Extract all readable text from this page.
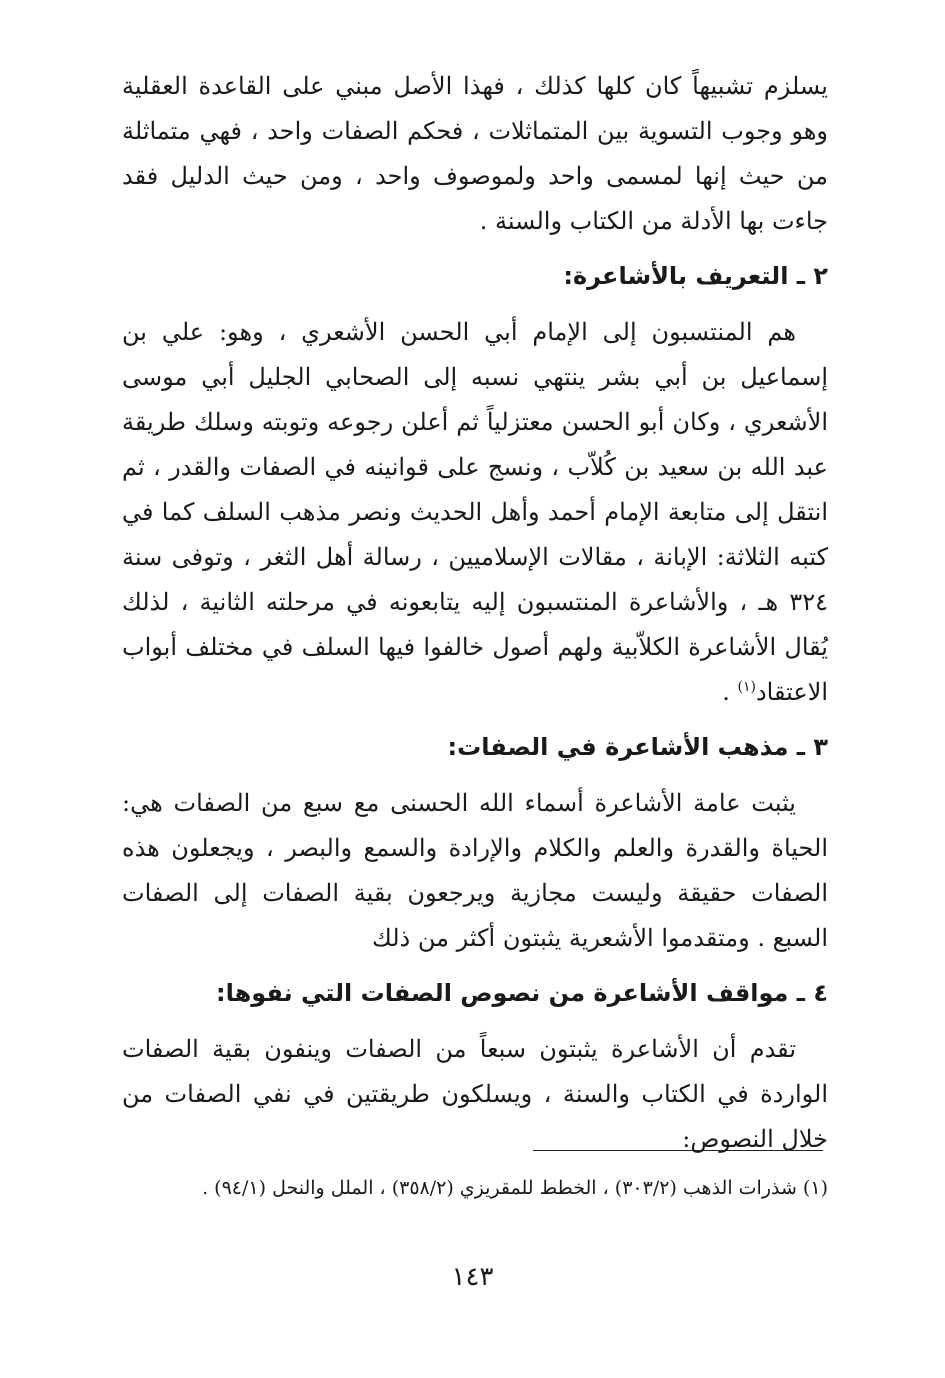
يسلزم تشبيهاً كان كلها كذلك ، فهذا الأصل مبني على القاعدة العقلية وهو وجوب التسوية بين المتماثلات ، فحكم الصفات واحد ، فهي متماثلة من حيث إنها لمسمى واحد ولموصوف واحد ، ومن حيث الدليل فقد جاءت بها الأدلة من الكتاب والسنة .

٢ ـ التعريف بالأشاعرة:

هم المنتسبون إلى الإمام أبي الحسن الأشعري ، وهو: علي بن إسماعيل بن أبي بشر ينتهي نسبه إلى الصحابي الجليل أبي موسى الأشعري ، وكان أبو الحسن معتزلياً ثم أعلن رجوعه وتوبته وسلك طريقة عبد الله بن سعيد بن كُلاّب ، ونسج على قوانينه في الصفات والقدر ، ثم انتقل إلى متابعة الإمام أحمد وأهل الحديث ونصر مذهب السلف كما في كتبه الثلاثة: الإبانة ، مقالات الإسلاميين ، رسالة أهل الثغر ، وتوفى سنة ٣٢٤ هـ ، والأشاعرة المنتسبون إليه يتابعونه في مرحلته الثانية ، لذلك يُقال الأشاعرة الكلاّبية ولهم أصول خالفوا فيها السلف في مختلف أبواب الاعتقاد$^{(١)}$ .

٣ ـ مذهب الأشاعرة في الصفات:

يثبت عامة الأشاعرة أسماء الله الحسنى مع سبع من الصفات هي: الحياة والقدرة والعلم والكلام والإرادة والسمع والبصر ، ويجعلون هذه الصفات حقيقة وليست مجازية ويرجعون بقية الصفات إلى الصفات السبع . ومتقدموا الأشعرية يثبتون أكثر من ذلك

٤ ـ مواقف الأشاعرة من نصوص الصفات التي نفوها:

تقدم أن الأشاعرة يثبتون سبعاً من الصفات وينفون بقية الصفات الواردة في الكتاب والسنة ، ويسلكون طريقتين في نفي الصفات من خلال النصوص:

(١) شذرات الذهب (٣٠٣/٢) ، الخطط للمقريزي (٣٥٨/٢) ، الملل والنحل (٩٤/١) .

١٤٣
